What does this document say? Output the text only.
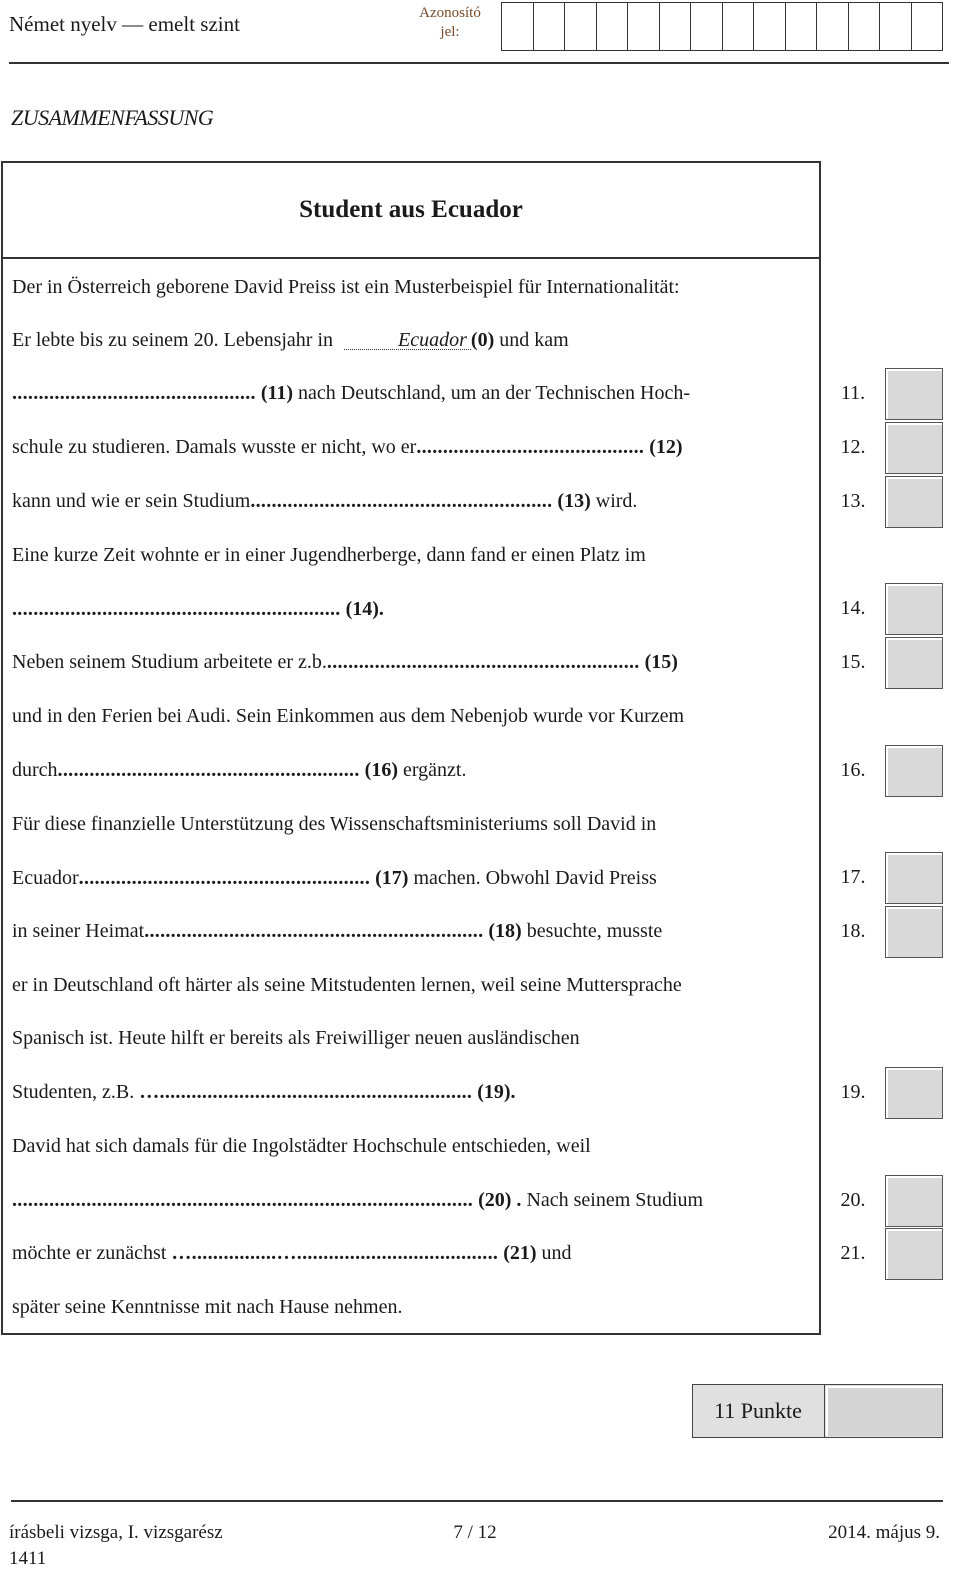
Német nyelv — emelt szint	Azonosító
jel:
ZUSAMMENFASSUNG
Student aus Ecuador
Der in Österreich geborene David Preiss ist ein Musterbeispiel für Internationalität:
Er lebte bis zu seinem 20. Lebensjahr in	Ecuador (0) und kam
.............................................. (11) nach Deutschland, um an der Technischen Hoch-
schule zu studieren. Damals wusste er nicht, wo er........................................... (12)
kann und wie er sein Studium......................................................... (13) wird.
Eine kurze Zeit wohnte er in einer Jugendherberge, dann fand er einen Platz im
.............................................................. (14).
Neben seinem Studium arbeitete er z.b............................................................ (15)
und in den Ferien bei Audi. Sein Einkommen aus dem Nebenjob wurde vor Kurzem
durch......................................................... (16) ergänzt.
Für diese finanzielle Unterstützung des Wissenschaftsministeriums soll David in
Ecuador....................................................... (17) machen. Obwohl David Preiss
in seiner Heimat................................................................ (18) besuchte, musste
er in Deutschland oft härter als seine Mitstudenten lernen, weil seine Muttersprache
Spanisch ist. Heute hilft er bereits als Freiwilliger neuen ausländischen
Studenten, z.B. …........................................................... (19).
David hat sich damals für die Ingolstädter Hochschule entschieden, weil
....................................................................................... (20) . Nach seinem Studium
möchte er zunächst …................…...................................... (21) und
später seine Kenntnisse mit nach Hause nehmen.
11.
12.
13.
14.
15.
16.
17.
18.
19.
20.
21.
11 Punkte
írásbeli vizsga, I. vizsgarész	7 / 12	2014. május 9.
1411
